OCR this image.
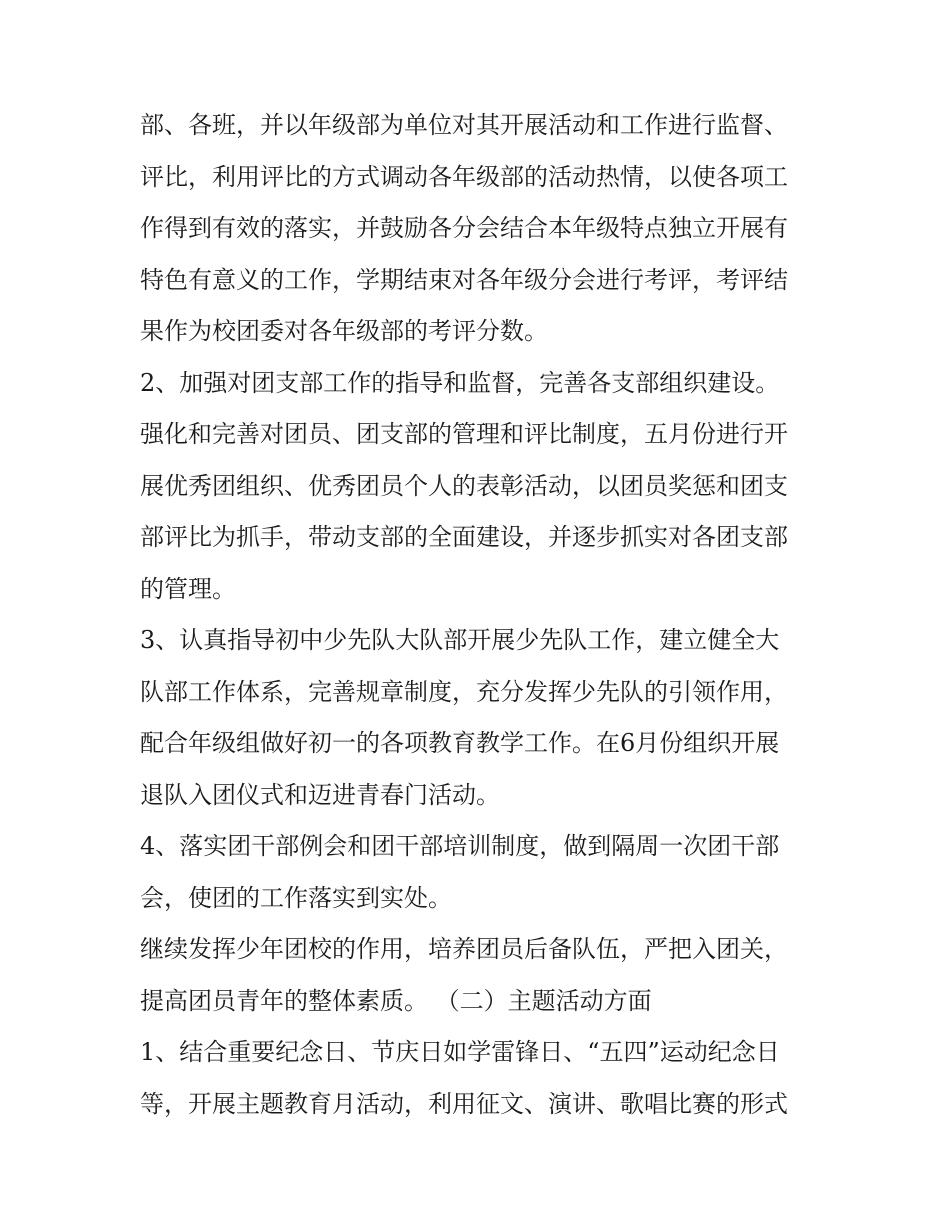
部、各班，并以年级部为单位对其开展活动和工作进行监督、
评比，利用评比的方式调动各年级部的活动热情，以使各项工
作得到有效的落实，并鼓励各分会结合本年级特点独立开展有
特色有意义的工作，学期结束对各年级分会进行考评，考评结
果作为校团委对各年级部的考评分数。
2、加强对团支部工作的指导和监督，完善各支部组织建设。
强化和完善对团员、团支部的管理和评比制度，五月份进行开
展优秀团组织、优秀团员个人的表彰活动，以团员奖惩和团支
部评比为抓手，带动支部的全面建设，并逐步抓实对各团支部
的管理。
3、认真指导初中少先队大队部开展少先队工作，建立健全大
队部工作体系，完善规章制度，充分发挥少先队的引领作用，
配合年级组做好初一的各项教育教学工作。在6月份组织开展
退队入团仪式和迈进青春门活动。
4、落实团干部例会和团干部培训制度，做到隔周一次团干部
会，使团的工作落实到实处。
继续发挥少年团校的作用，培养团员后备队伍，严把入团关，
提高团员青年的整体素质。 （二）主题活动方面
1、结合重要纪念日、节庆日如学雷锋日、“五四”运动纪念日
等，开展主题教育月活动，利用征文、演讲、歌唱比赛的形式
